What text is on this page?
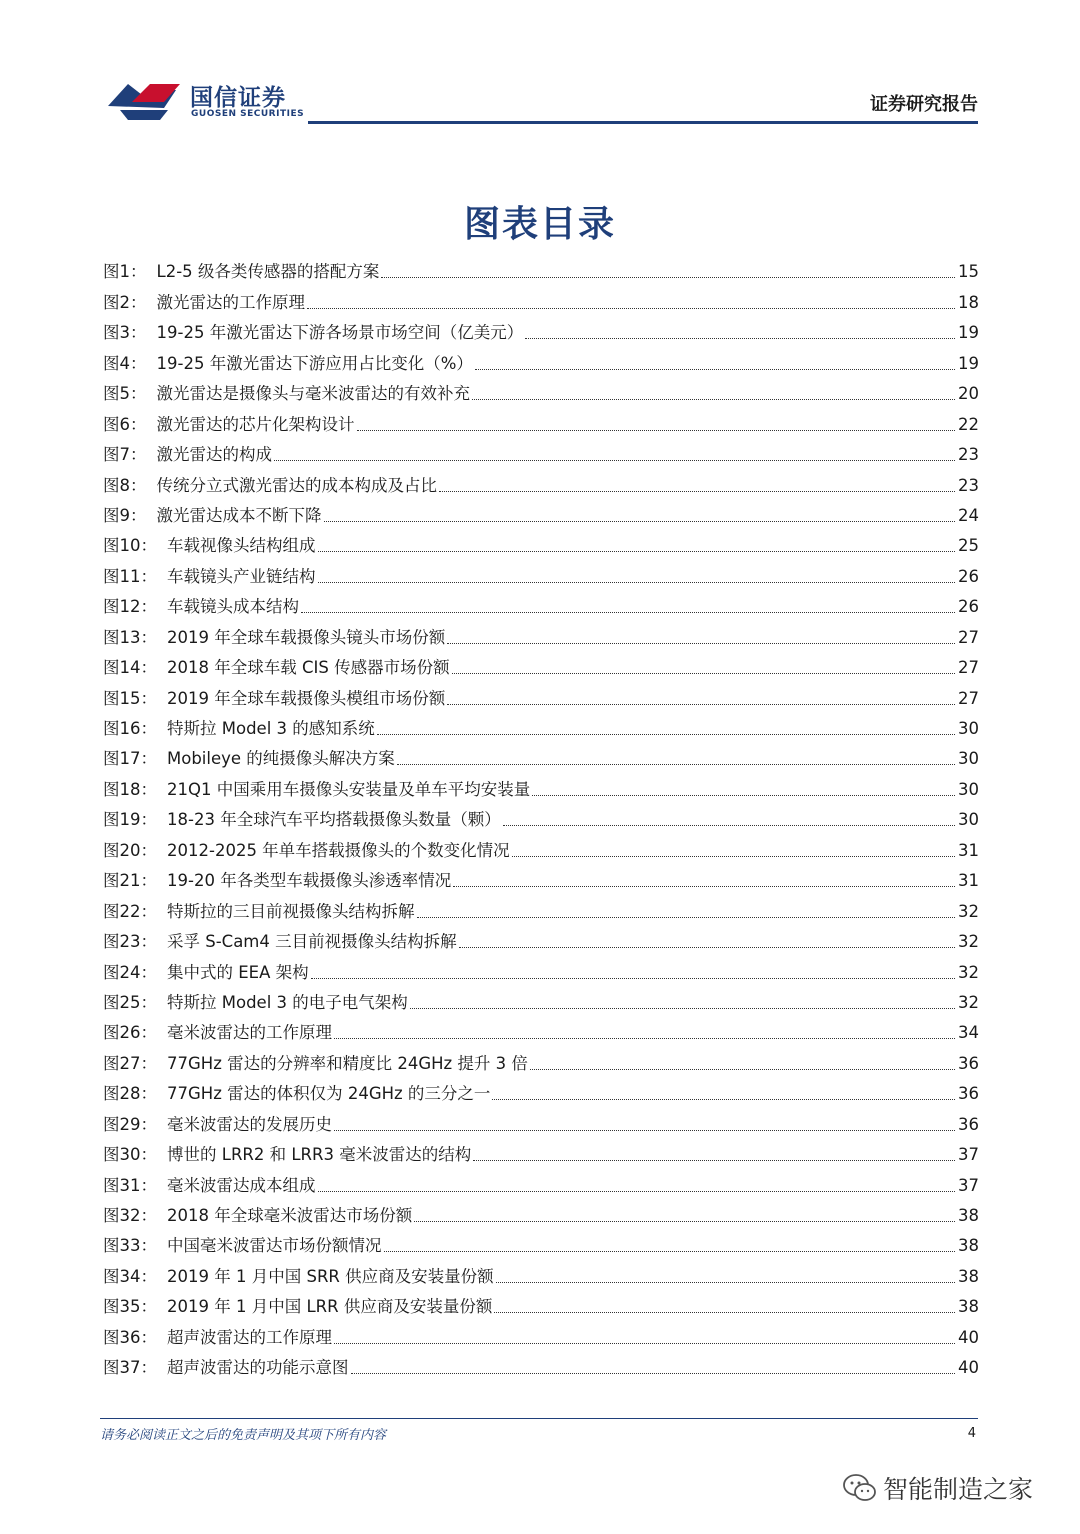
国信证券
GUOSEN SECURITIES	证券研究报告
图表目录
图1： L2-5 级各类传感器的搭配方案	15
图2： 激光雷达的工作原理	18
图3： 19-25 年激光雷达下游各场景市场空间（亿美元）	19
图4： 19-25 年激光雷达下游应用占比变化（%）	19
图5： 激光雷达是摄像头与毫米波雷达的有效补充	20
图6： 激光雷达的芯片化架构设计	22
图7： 激光雷达的构成	23
图8： 传统分立式激光雷达的成本构成及占比	23
图9： 激光雷达成本不断下降	24
图10： 车载视像头结构组成	25
图11： 车载镜头产业链结构	26
图12： 车载镜头成本结构	26
图13： 2019 年全球车载摄像头镜头市场份额	27
图14： 2018 年全球车载 CIS 传感器市场份额	27
图15： 2019 年全球车载摄像头模组市场份额	27
图16： 特斯拉 Model 3 的感知系统	30
图17： Mobileye 的纯摄像头解决方案	30
图18： 21Q1 中国乘用车摄像头安装量及单车平均安装量	30
图19： 18-23 年全球汽车平均搭载摄像头数量（颗）	30
图20： 2012-2025 年单车搭载摄像头的个数变化情况	31
图21： 19-20 年各类型车载摄像头渗透率情况	31
图22： 特斯拉的三目前视摄像头结构拆解	32
图23： 采孚 S-Cam4 三目前视摄像头结构拆解	32
图24： 集中式的 EEA 架构	32
图25： 特斯拉 Model 3 的电子电气架构	32
图26： 毫米波雷达的工作原理	34
图27： 77GHz 雷达的分辨率和精度比 24GHz 提升 3 倍	36
图28： 77GHz 雷达的体积仅为 24GHz 的三分之一	36
图29： 毫米波雷达的发展历史	36
图30： 博世的 LRR2 和 LRR3 毫米波雷达的结构	37
图31： 毫米波雷达成本组成	37
图32： 2018 年全球毫米波雷达市场份额	38
图33： 中国毫米波雷达市场份额情况	38
图34： 2019 年 1 月中国 SRR 供应商及安装量份额	38
图35： 2019 年 1 月中国 LRR 供应商及安装量份额	38
图36： 超声波雷达的工作原理	40
图37： 超声波雷达的功能示意图	40
请务必阅读正文之后的免责声明及其项下所有内容	4
智能制造之家
